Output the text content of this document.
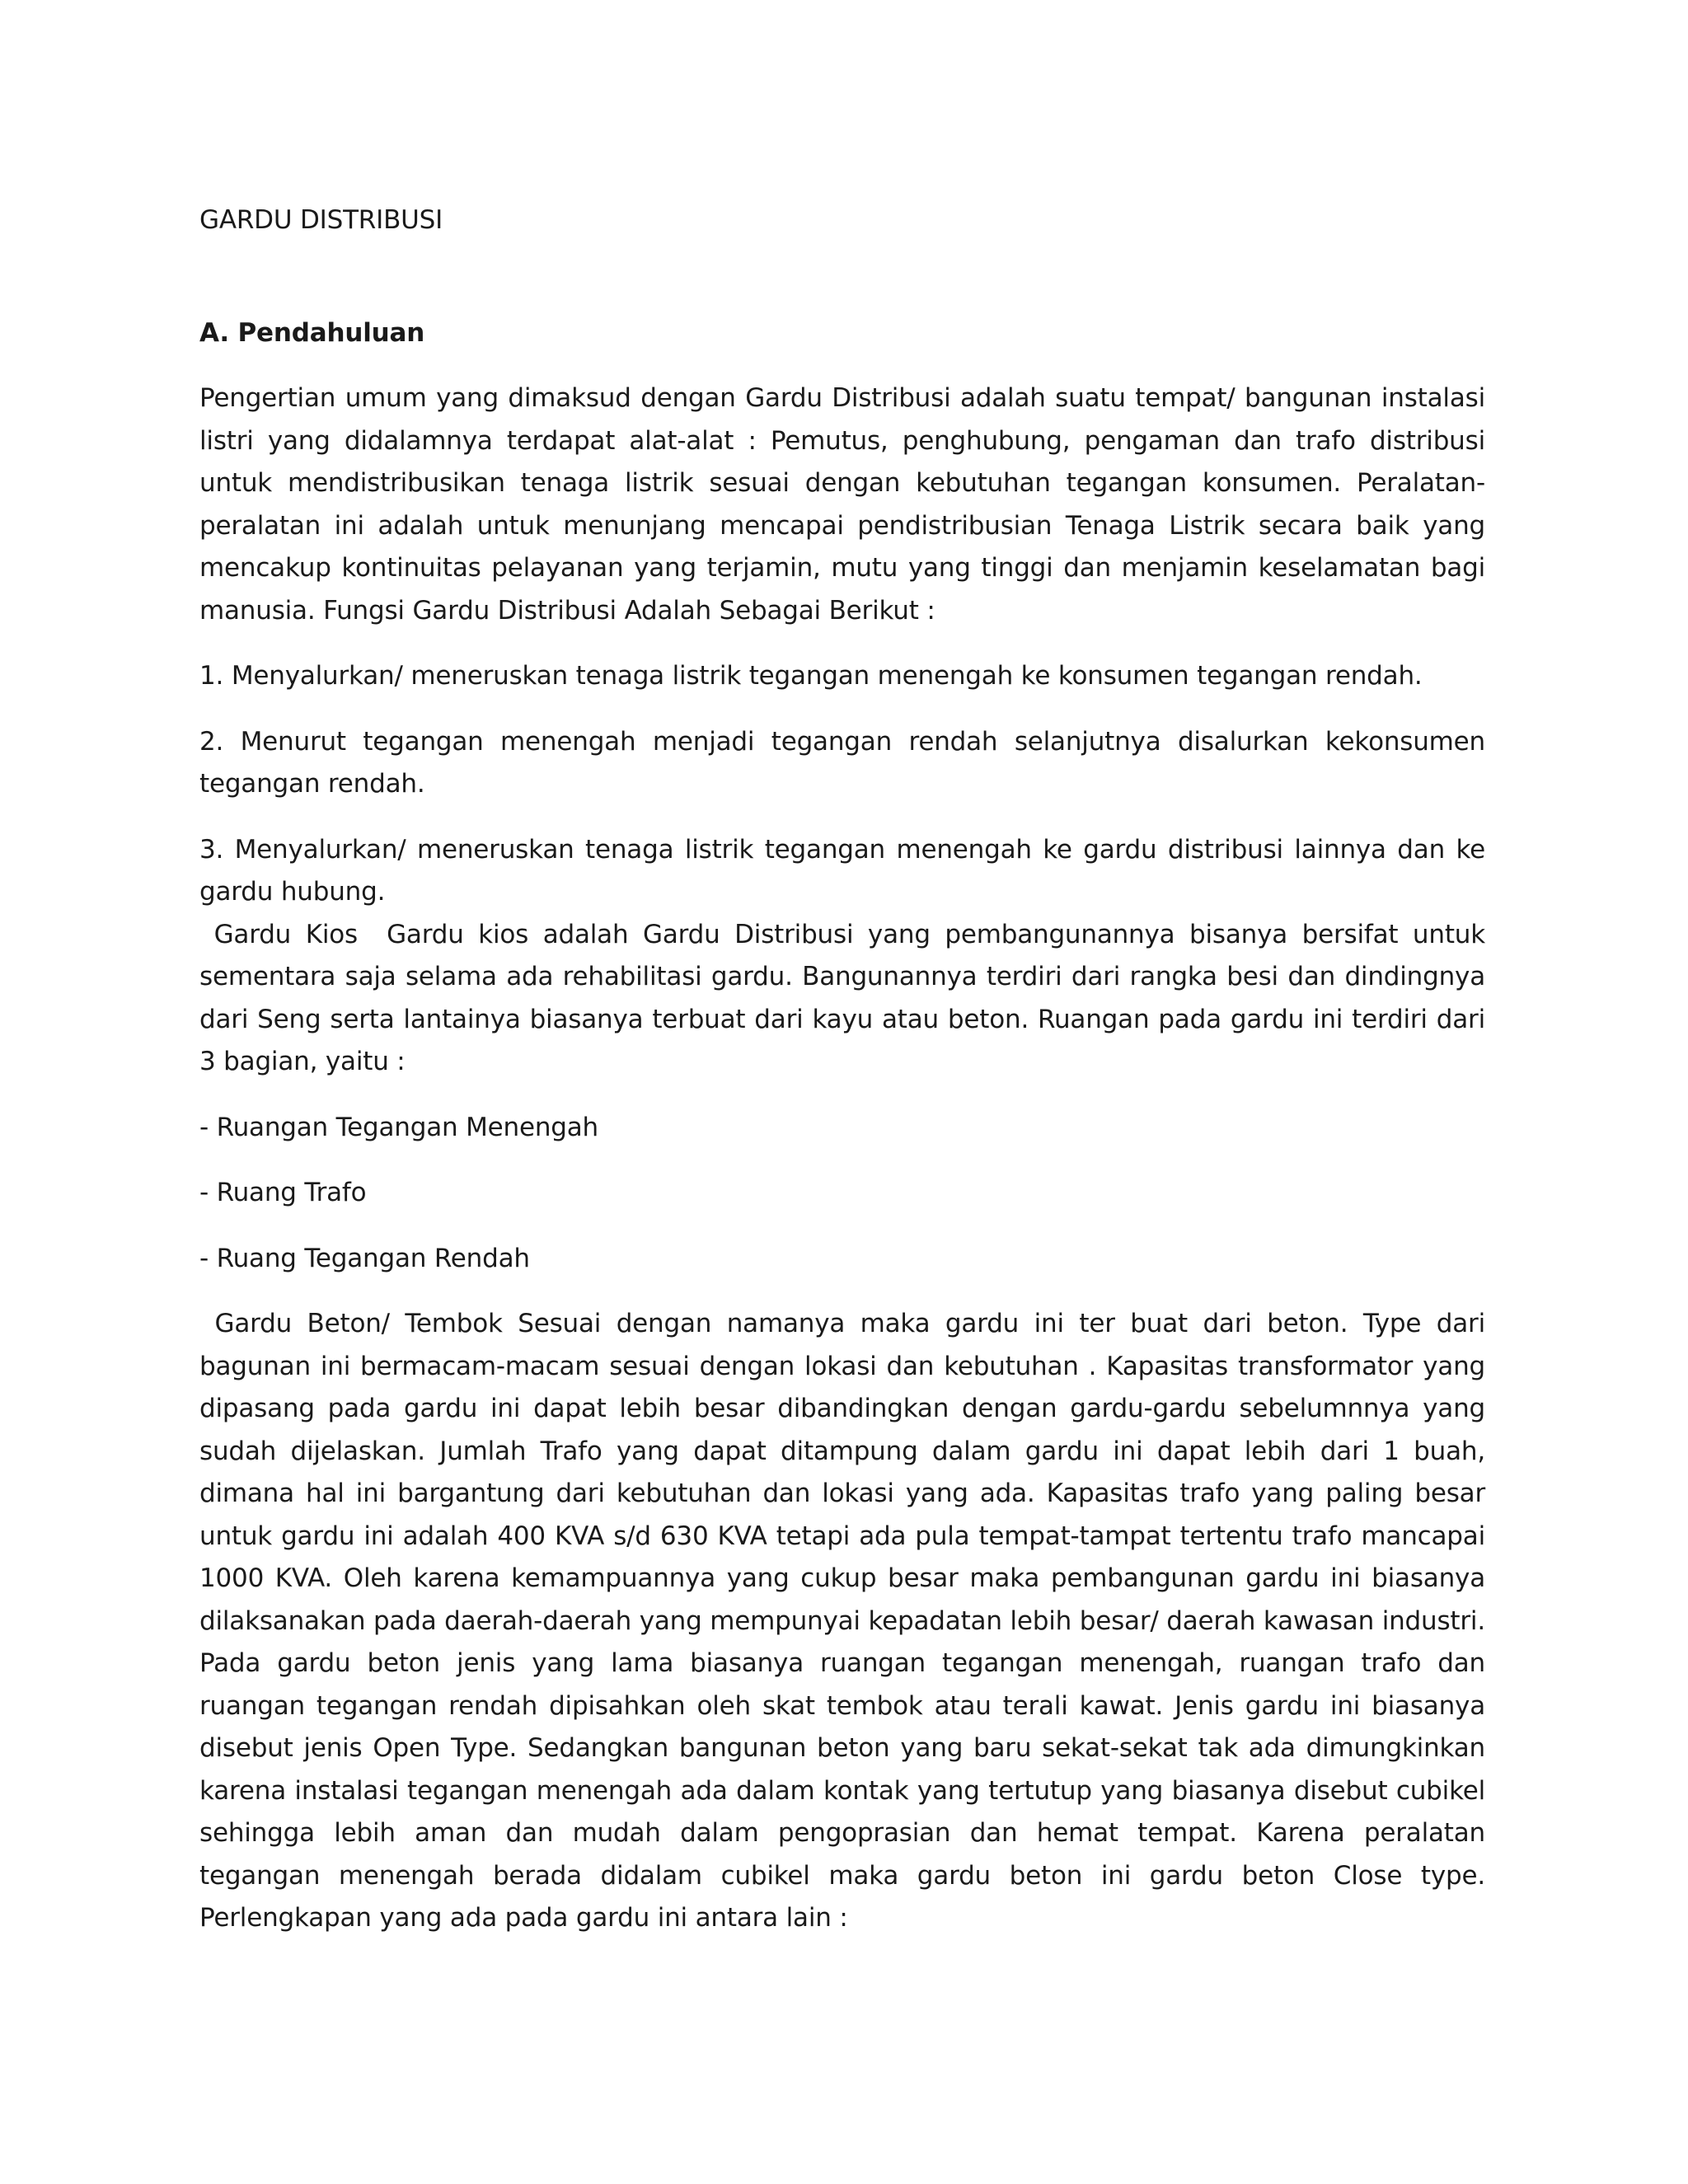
GARDU DISTRIBUSI

A. Pendahuluan

Pengertian umum yang dimaksud dengan Gardu Distribusi adalah suatu tempat/ bangunan instalasi listri yang didalamnya terdapat alat-alat : Pemutus, penghubung, pengaman dan trafo distribusi untuk mendistribusikan tenaga listrik sesuai dengan kebutuhan tegangan konsumen. Peralatan-peralatan ini adalah untuk menunjang mencapai pendistribusian Tenaga Listrik secara baik yang mencakup kontinuitas pelayanan yang terjamin, mutu yang tinggi dan menjamin keselamatan bagi manusia. Fungsi Gardu Distribusi Adalah Sebagai Berikut :

1. Menyalurkan/ meneruskan tenaga listrik tegangan menengah ke konsumen tegangan rendah.

2. Menurut tegangan menengah menjadi tegangan rendah selanjutnya disalurkan kekonsumen tegangan rendah.

3. Menyalurkan/ meneruskan tenaga listrik tegangan menengah ke gardu distribusi lainnya dan ke gardu hubung.

Gardu Kios  Gardu kios adalah Gardu Distribusi yang pembangunannya bisanya bersifat untuk sementara saja selama ada rehabilitasi gardu. Bangunannya terdiri dari rangka besi dan dindingnya dari Seng serta lantainya biasanya terbuat dari kayu atau beton. Ruangan pada gardu ini terdiri dari 3 bagian, yaitu :

- Ruangan Tegangan Menengah

- Ruang Trafo

- Ruang Tegangan Rendah

Gardu Beton/ Tembok Sesuai dengan namanya maka gardu ini ter buat dari beton. Type dari bagunan ini bermacam-macam sesuai dengan lokasi dan kebutuhan . Kapasitas transformator yang dipasang pada gardu ini dapat lebih besar dibandingkan dengan gardu-gardu sebelumnnya yang sudah dijelaskan. Jumlah Trafo yang dapat ditampung dalam gardu ini dapat lebih dari 1 buah, dimana hal ini bargantung dari kebutuhan dan lokasi yang ada. Kapasitas trafo yang paling besar untuk gardu ini adalah 400 KVA s/d 630 KVA tetapi ada pula tempat-tampat tertentu trafo mancapai 1000 KVA. Oleh karena kemampuannya yang cukup besar maka pembangunan gardu ini biasanya dilaksanakan pada daerah-daerah yang mempunyai kepadatan lebih besar/ daerah kawasan industri. Pada gardu beton jenis yang lama biasanya ruangan tegangan menengah, ruangan trafo dan ruangan tegangan rendah dipisahkan oleh skat tembok atau terali kawat. Jenis gardu ini biasanya disebut jenis Open Type. Sedangkan bangunan beton yang baru sekat-sekat tak ada dimungkinkan karena instalasi tegangan menengah ada dalam kontak yang tertutup yang biasanya disebut cubikel sehingga lebih aman dan mudah dalam pengoprasian dan hemat tempat. Karena peralatan tegangan menengah berada didalam cubikel maka gardu beton ini gardu beton Close type. Perlengkapan yang ada pada gardu ini antara lain :
